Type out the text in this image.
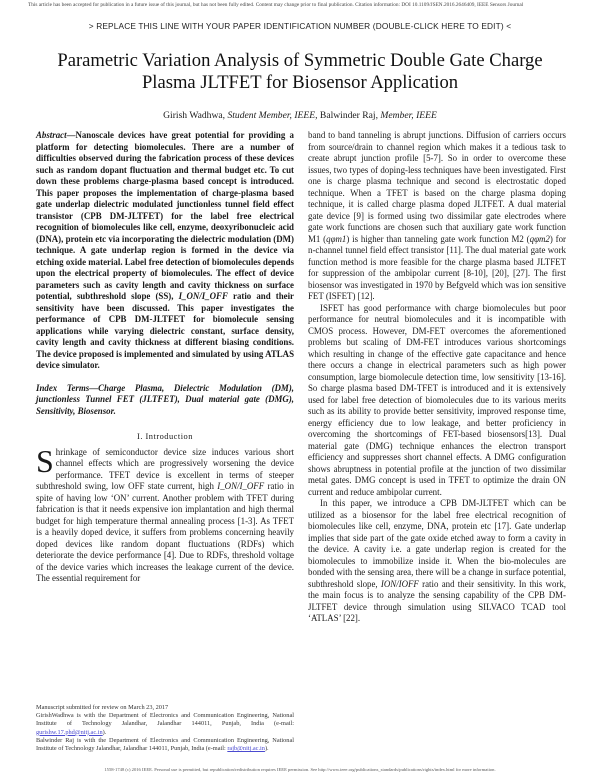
This article has been accepted for publication in a future issue of this journal, but has not been fully edited. Content may change prior to final publication. Citation information: DOI 10.1109/JSEN.2016.2646409, IEEE Sensors Journal
> REPLACE THIS LINE WITH YOUR PAPER IDENTIFICATION NUMBER (DOUBLE-CLICK HERE TO EDIT) <
Parametric Variation Analysis of Symmetric Double Gate Charge Plasma JLTFET for Biosensor Application
Girish Wadhwa, Student Member, IEEE, Balwinder Raj, Member, IEEE

Abstract—Nanoscale devices have great potential for providing a platform for detecting biomolecules. There are a number of difficulties observed during the fabrication process of these devices such as random dopant fluctuation and thermal budget etc. To cut down these problems charge-plasma based concept is introduced. This paper proposes the implementation of charge-plasma based gate underlap dielectric modulated junctionless tunnel field effect transistor (CPB DM-JLTFET) for the label free electrical recognition of biomolecules like cell, enzyme, deoxyribonucleic acid (DNA), protein etc via incorporating the dielectric modulation (DM) technique. A gate underlap region is formed in the device via etching oxide material. Label free detection of biomolecules depends upon the electrical property of biomolecules. The effect of device parameters such as cavity length and cavity thickness on surface potential, subthreshold slope (SS), I_ON/I_OFF ratio and their sensitivity have been discussed. This paper investigates the performance of CPB DM-JLTFET for biomolecule sensing applications while varying dielectric constant, surface density, cavity length and cavity thickness at different biasing conditions. The device proposed is implemented and simulated by using ATLAS device simulator.

Index Terms—Charge Plasma, Dielectric Modulation (DM), junctionless Tunnel FET (JLTFET), Dual material gate (DMG), Sensitivity, Biosensor.

I. Introduction

Shrinkage of semiconductor device size induces various short channel effects which are progressively worsening the device performance. TFET device is excellent in terms of steeper subthreshold swing, low OFF state current, high I_ON/I_OFF ratio in spite of having low ‘ON’ current. Another problem with TFET during fabrication is that it needs expensive ion implantation and high thermal budget for high temperature thermal annealing process [1-3]. As TFET is a heavily doped device, it suffers from problems concerning heavily doped devices like random dopant fluctuations (RDFs) which deteriorate the device performance [4]. Due to RDFs, threshold voltage of the device varies which increases the leakage current of the device. The essential requirement for

Manuscript submitted for review on March 23, 2017
GirishWadhwa is with the Department of Electronics and Communication Engineering, National Institute of Technology Jalandhar, Jalandhar 144011, Punjab, India (e-mail: gurishw.17.phd@nitj.ac.in).
Balwinder Raj is with the Department of Electronics and Communication Engineering, National Institute of Technology Jalandhar, Jalandhar 144011, Punjab, India (e-mail: rajb@nitj.ac.in).

band to band tanneling is abrupt junctions. Diffusion of carriers occurs from source/drain to channel region which makes it a tedious task to create abrupt junction profile [5-7]. So in order to overcome these issues, two types of doping-less techniques have been investigated. First one is charge plasma technique and second is electrostatic doped technique. When a TFET is based on the charge plasma doping technique, it is called charge plasma doped JLTFET. A dual material gate device [9] is formed using two dissimilar gate electrodes where gate work functions are chosen such that auxiliary gate work function M1 (qφm1) is higher than tanneling gate work function M2 (qφm2) for n-channel tunnel field effect transistor [11]. The dual material gate work function method is more feasible for the charge plasma based JLTFET for suppression of the ambipolar current [8-10], [20], [27]. The first biosensor was investigated in 1970 by Befgveld which was ion sensitive FET (ISFET) [12].

ISFET has good performance with charge biomolecules but poor performance for neutral biomolecules and it is incompatible with CMOS process. However, DM-FET overcomes the aforementioned problems but scaling of DM-FET introduces various shortcomings which resulting in change of the effective gate capacitance and hence there occurs a change in electrical parameters such as high power consumption, large biomolecule detection time, low sensitivity [13-16]. So charge plasma based DM-TFET is introduced and it is extensively used for label free detection of biomolecules due to its various merits such as its ability to provide better sensitivity, improved response time, energy efficiency due to low leakage, and better proficiency in overcoming the shortcomings of FET-based biosensors[13]. Dual material gate (DMG) technique enhances the electron transport efficiency and suppresses short channel effects. A DMG configuration shows abruptness in potential profile at the junction of two dissimilar metal gates. DMG concept is used in TFET to optimize the drain ON current and reduce ambipolar current.

In this paper, we introduce a CPB DM-JLTFET which can be utilized as a biosensor for the label free electrical recognition of biomolecules like cell, enzyme, DNA, protein etc [17]. Gate underlap implies that side part of the gate oxide etched away to form a cavity in the device. A cavity i.e. a gate underlap region is created for the biomolecules to immobilize inside it. When the bio-molecules are bonded with the sensing area, there will be a change in surface potential, subthreshold slope, ION/IOFF ratio and their sensitivity. In this work, the main focus is to analyze the sensing capability of the CPB DM-JLTFET device through simulation using SILVACO TCAD tool ‘ATLAS’ [22].

1558-1748 (c) 2016 IEEE. Personal use is permitted, but republication/redistribution requires IEEE permission. See http://www.ieee.org/publications_standards/publications/rights/index.html for more information.
